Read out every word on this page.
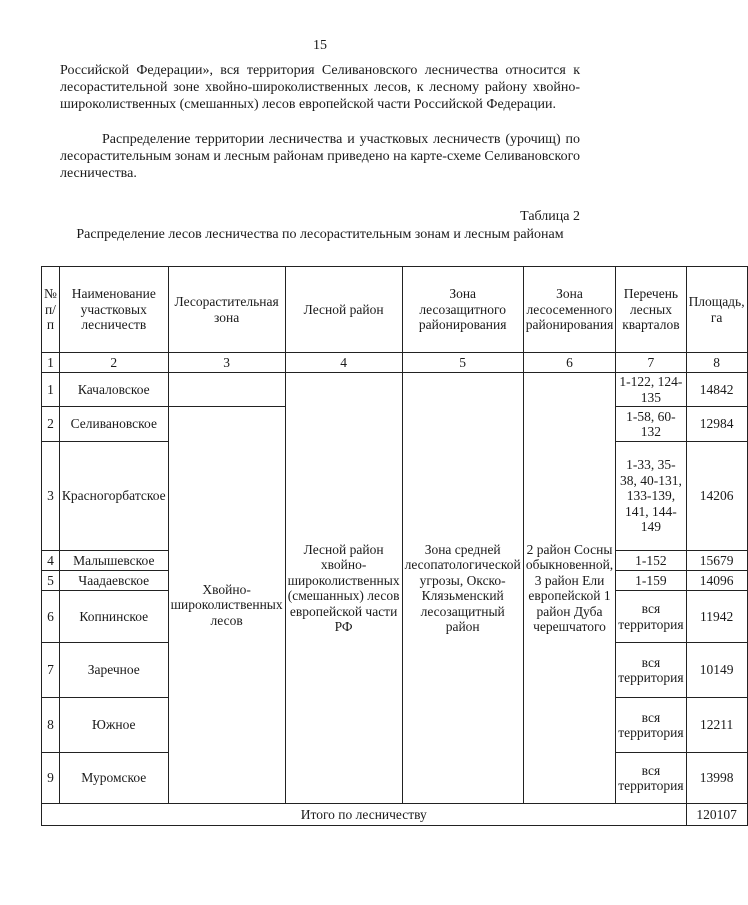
15
Российской Федерации», вся территория Селивановского лесничества относится к лесорастительной зоне хвойно-широколиственных лесов, к лесному району хвойно-широколиственных (смешанных) лесов европейской части Российской Федерации.
Распределение территории лесничества и участковых лесничеств (урочищ) по лесорастительным зонам и лесным районам приведено на карте-схеме Селивановского лесничества.
Таблица 2
Распределение лесов лесничества по лесорастительным зонам и лесным районам
№ п/п	Наименование участковых лесничеств	Лесорастительная зона	Лесной район	Зона лесозащитного районирования	Зона лесосеменного районирования	Перечень лесных кварталов	Площадь, га
1	2	3	4	5	6	7	8
1	Качаловское		Лесной район хвойно-широколиственных (смешанных) лесов европейской части РФ	Зона средней лесопатологической угрозы, Окско-Клязьменский лесозащитный район	2 район Сосны обыкновенной, 3 район Ели европейской 1 район Дуба черешчатого	1-122, 124-135	14842
2	Селивановское	Хвойно-широколиственных лесов				1-58, 60-132	12984
3	Красногорбатское					1-33, 35-38, 40-131, 133-139, 141, 144-149	14206
4	Малышевское					1-152	15679
5	Чаадаевское					1-159	14096
6	Копнинское					вся территория	11942
7	Заречное					вся территория	10149
8	Южное					вся территория	12211
9	Муромское					вся территория	13998
Итого по лесничеству							120107
